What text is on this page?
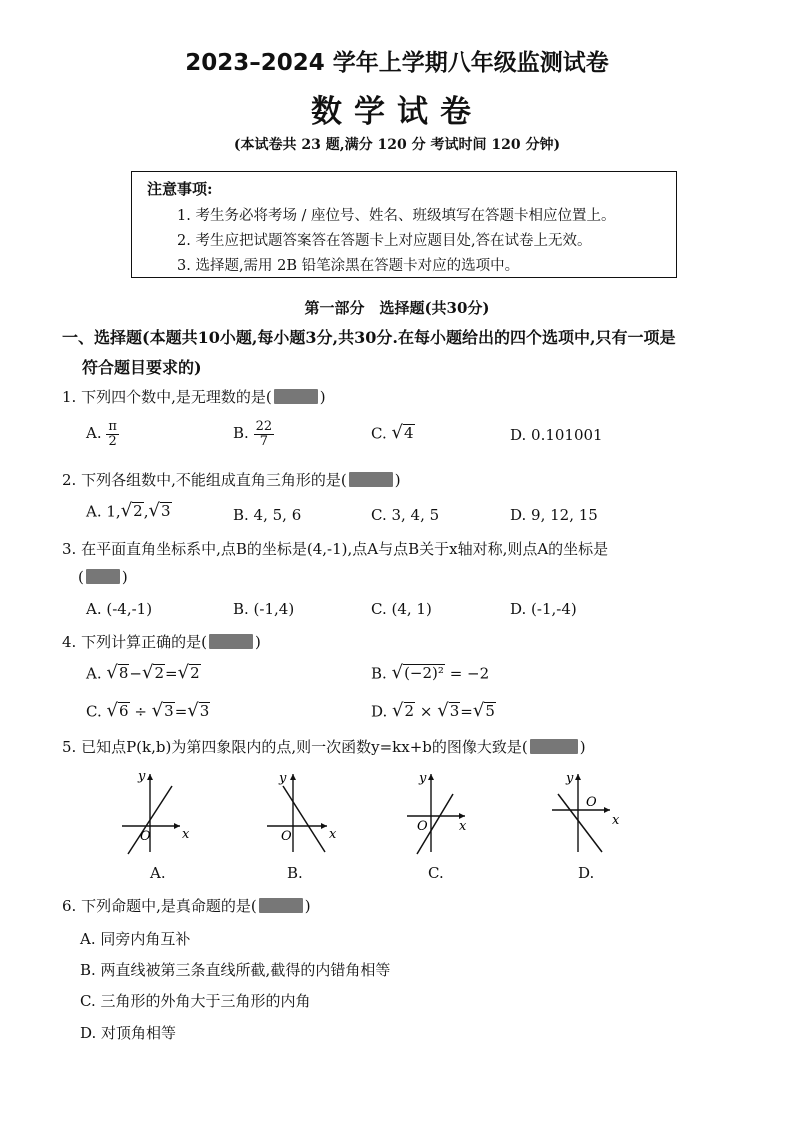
2023–2024 学年上学期八年级监测试卷
数学试卷
(本试卷共 23 题,满分 120 分 考试时间 120 分钟)
注意事项:
1. 考生务必将考场 / 座位号、姓名、班级填写在答题卡相应位置上。
2. 考生应把试题答案答在答题卡上对应题目处,答在试卷上无效。
3. 选择题,需用 2B 铅笔涂黑在答题卡对应的选项中。
第一部分　选择题(共30分)
一、选择题(本题共10小题,每小题3分,共30分.在每小题给出的四个选项中,只有一项是
符合题目要求的)
1. 下列四个数中,是无理数的是(	)
A. $\frac{\pi}{2}$	B. $\frac{22}{7}$	C. √ 4	D. 0.101001
2. 下列各组数中,不能组成直角三角形的是(	)
A. 1, √ 2 , √ 3	B. 4, 5, 6	C. 3, 4, 5	D. 9, 12, 15
3. 在平面直角坐标系中,点B的坐标是(4,-1),点A与点B关于x轴对称,则点A的坐标是
(	)
A. (-4,-1)	B. (-1,4)	C. (4, 1)	D. (-1,-4)
4. 下列计算正确的是(	)
A. √ 8 − √ 2 = √ 2	B. √ (−2)² = −2
C. √ 6 ÷ √ 3 = √ 3	D. √ 2 × √ 3 = √ 5
5. 已知点P(k,b)为第四象限内的点,则一次函数y=kx+b的图像大致是(	)
y
x
O
A.
y
x
O
B.
y
x
O
C.
y
x
O
D.
6. 下列命题中,是真命题的是(	)
A. 同旁内角互补
B. 两直线被第三条直线所截,截得的内错角相等
C. 三角形的外角大于三角形的内角
D. 对顶角相等
